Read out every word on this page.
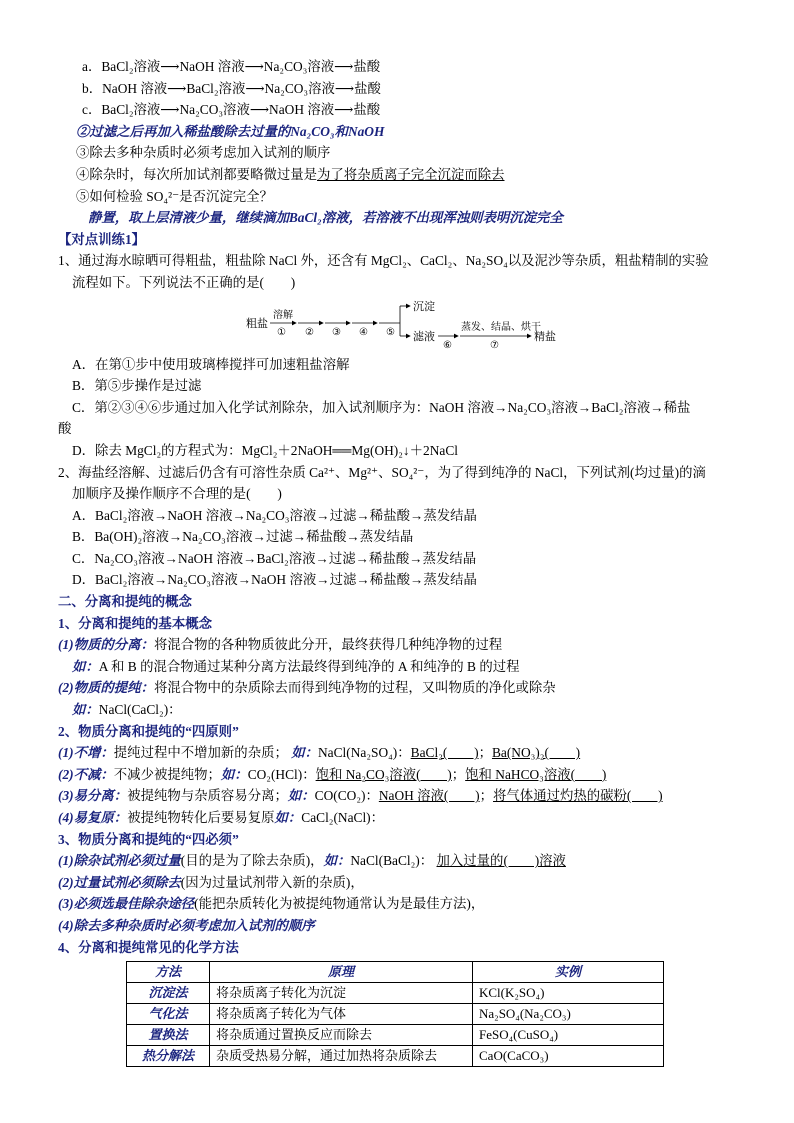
a．BaCl₂溶液⟶NaOH 溶液⟶Na₂CO₃溶液⟶盐酸
b．NaOH 溶液⟶BaCl₂溶液⟶Na₂CO₃溶液⟶盐酸
c．BaCl₂溶液⟶Na₂CO₃溶液⟶NaOH 溶液⟶盐酸
②过滤之后再加入稀盐酸除去过量的Na₂CO₃和NaOH
③除去多种杂质时必须考虑加入试剂的顺序
④除杂时，每次所加试剂都要略微过量是为了将杂质离子完全沉淀而除去
⑤如何检验 SO₄²⁻是否沉淀完全？
静置，取上层清液少量，继续滴加BaCl₂溶液，若溶液不出现浑浊则表明沉淀完全
【对点训练1】
1、通过海水晾晒可得粗盐，粗盐除 NaCl 外，还含有 MgCl₂、CaCl₂、Na₂SO₄以及泥沙等杂质，粗盐精制的实验
流程如下。下列说法不正确的是(　　)
粗盐
溶解
① ② ③ ④ ⑤
沉淀
滤液
⑥
蒸发、结晶、烘干
⑦
精盐
A．在第①步中使用玻璃棒搅拌可加速粗盐溶解
B．第⑤步操作是过滤
C．第②③④⑥步通过加入化学试剂除杂，加入试剂顺序为：NaOH 溶液→Na₂CO₃溶液→BaCl₂溶液→稀盐
酸
D．除去 MgCl₂的方程式为：MgCl₂＋2NaOH══Mg(OH)₂↓＋2NaCl
2、海盐经溶解、过滤后仍含有可溶性杂质 Ca²⁺、Mg²⁺、SO₄²⁻，为了得到纯净的 NaCl，下列试剂(均过量)的滴
加顺序及操作顺序不合理的是(　　)
A．BaCl₂溶液→NaOH 溶液→Na₂CO₃溶液→过滤→稀盐酸→蒸发结晶
B．Ba(OH)₂溶液→Na₂CO₃溶液→过滤→稀盐酸→蒸发结晶
C．Na₂CO₃溶液→NaOH 溶液→BaCl₂溶液→过滤→稀盐酸→蒸发结晶
D．BaCl₂溶液→Na₂CO₃溶液→NaOH 溶液→过滤→稀盐酸→蒸发结晶
二、分离和提纯的概念
1、分离和提纯的基本概念
(1)物质的分离：将混合物的各种物质彼此分开，最终获得几种纯净物的过程
如：A 和 B 的混合物通过某种分离方法最终得到纯净的 A 和纯净的 B 的过程
(2)物质的提纯：将混合物中的杂质除去而得到纯净物的过程，又叫物质的净化或除杂
如：NaCl(CaCl₂)：
2、物质分离和提纯的“四原则”
(1)不增：提纯过程中不增加新的杂质； 如：NaCl(Na₂SO₄)：BaCl₂(　　)；Ba(NO₃)₂(　　)
(2)不减：不减少被提纯物；如：CO₂(HCl)：饱和 Na₂CO₃溶液(　　)；饱和 NaHCO₃溶液(　　)
(3)易分离：被提纯物与杂质容易分离；如：CO(CO₂)：NaOH 溶液(　　)；将气体通过灼热的碳粉(　　)
(4)易复原：被提纯物转化后要易复原如：CaCl₂(NaCl)：
3、物质分离和提纯的“四必须”
(1)除杂试剂必须过量(目的是为了除去杂质)，如：NaCl(BaCl₂)： 加入过量的(　　)溶液
(2)过量试剂必须除去(因为过量试剂带入新的杂质)，
(3)必须选最佳除杂途径(能把杂质转化为被提纯物通常认为是最佳方法)，
(4)除去多种杂质时必须考虑加入试剂的顺序
4、分离和提纯常见的化学方法
方法	原理	实例
沉淀法	将杂质离子转化为沉淀	KCl(K₂SO₄)
气化法	将杂质离子转化为气体	Na₂SO₄(Na₂CO₃)
置换法	将杂质通过置换反应而除去	FeSO₄(CuSO₄)
热分解法	杂质受热易分解，通过加热将杂质除去	CaO(CaCO₃)
